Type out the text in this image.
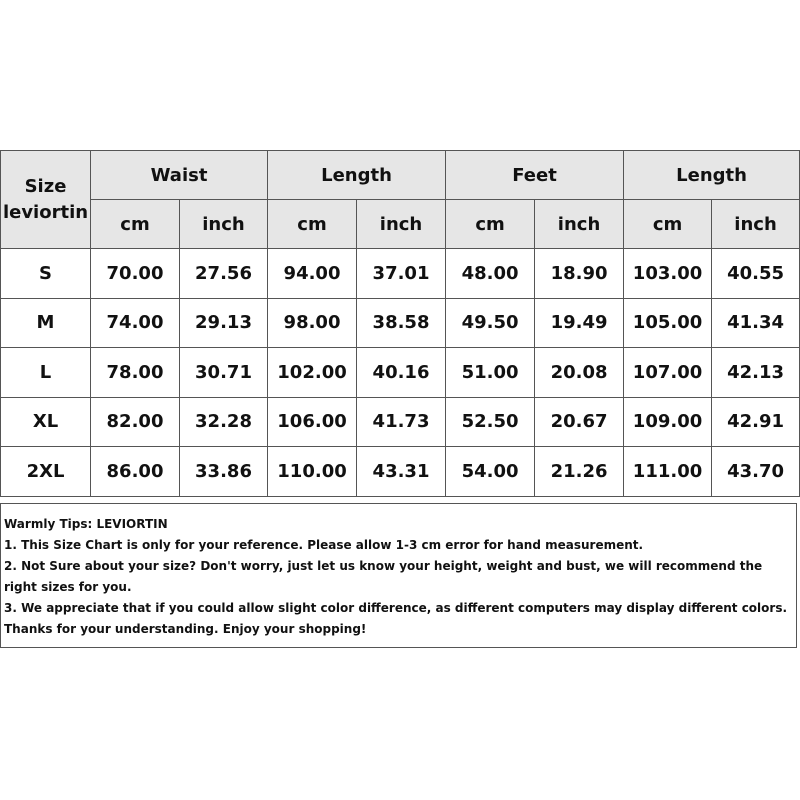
Size
leviortin	Waist		Length		Feet		Length	
	cm	inch	cm	inch	cm	inch	cm	inch
S	70.00	27.56	94.00	37.01	48.00	18.90	103.00	40.55
M	74.00	29.13	98.00	38.58	49.50	19.49	105.00	41.34
L	78.00	30.71	102.00	40.16	51.00	20.08	107.00	42.13
XL	82.00	32.28	106.00	41.73	52.50	20.67	109.00	42.91
2XL	86.00	33.86	110.00	43.31	54.00	21.26	111.00	43.70
Warmly Tips: LEVIORTIN
1. This Size Chart is only for your reference. Please allow 1-3 cm error for hand measurement.
2. Not Sure about your size? Don't worry, just let us know your height, weight and bust, we will recommend the right sizes for you.
3. We appreciate that if you could allow slight color difference, as different computers may display different colors.
Thanks for your understanding. Enjoy your shopping!
